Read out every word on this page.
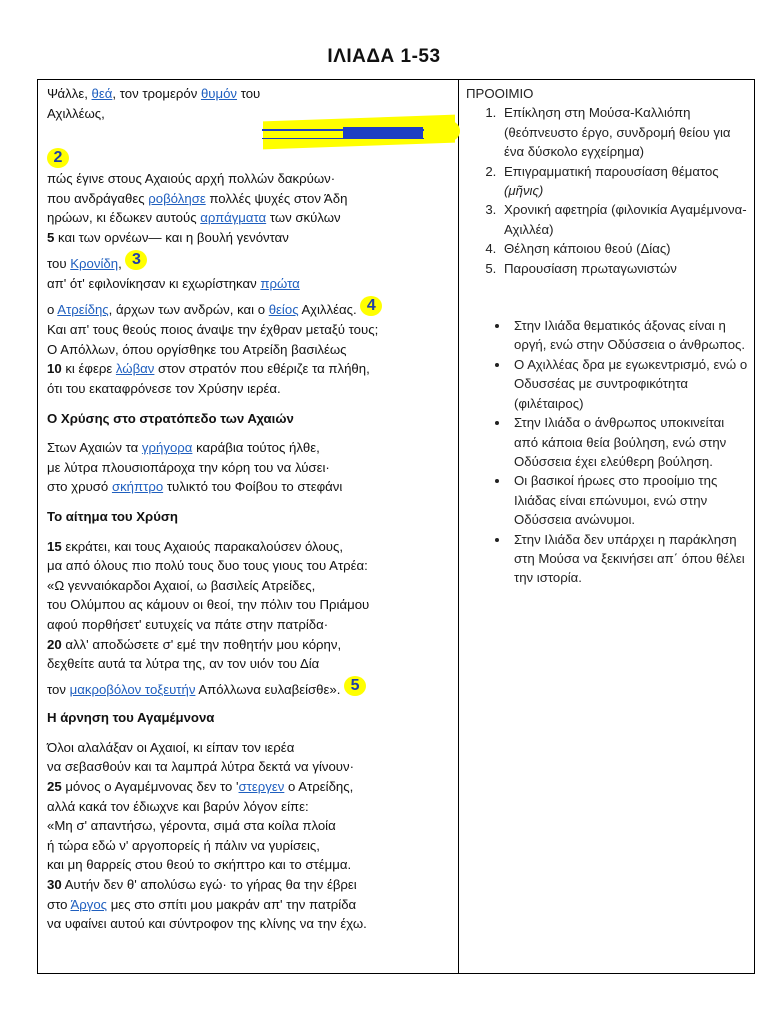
ΙΛΙΑΔΑ 1-53

Ψάλλε, θεά, τον τρομερόν θυμόν του

Αχιλλέως,

2

πώς έγινε στους Αχαιούς αρχή πολλών δακρύων·

που ανδράγαθες ροβόλησε πολλές ψυχές στον Άδη

ηρώων, κι έδωκεν αυτούς αρπάγματα των σκύλων

5 και των ορνέων— και η βουλή γενόνταν

του Κρονίδη, 3

απ' ότ' εφιλονίκησαν κι εχωρίστηκαν πρώτα

ο Ατρείδης, άρχων των ανδρών, και ο θείος Αχιλλέας. 4

Και απ' τους θεούς ποιος άναψε την έχθραν μεταξύ τους;

Ο Απόλλων, όπου οργίσθηκε του Ατρείδη βασιλέως

10 κι έφερε λώβαν στον στρατόν που εθέριζε τα πλήθη,

ότι του εκαταφρόνεσε τον Χρύσην ιερέα.

Ο Χρύσης στο στρατόπεδο των Αχαιών

Στων Αχαιών τα γρήγορα καράβια τούτος ήλθε,

με λύτρα πλουσιοπάροχα την κόρη του να λύσει·

στο χρυσό σκήπτρο τυλικτό του Φοίβου το στεφάνι

Το αίτημα του Χρύση

15 εκράτει, και τους Αχαιούς παρακαλούσεν όλους,

μα από όλους πιο πολύ τους δυο τους γιους του Ατρέα:

«Ω γενναιόκαρδοι Αχαιοί, ω βασιλείς Ατρείδες,

του Ολύμπου ας κάμουν οι θεοί, την πόλιν του Πριάμου

αφού πορθήσετ' ευτυχείς να πάτε στην πατρίδα·

20 αλλ' αποδώσετε σ' εμέ την ποθητήν μου κόρην,

δεχθείτε αυτά τα λύτρα της, αν τον υιόν του Δία

τον μακροβόλον τοξευτήν Απόλλωνα ευλαβείσθε». 5

Η άρνηση του Αγαμέμνονα

Όλοι αλαλάξαν οι Αχαιοί, κι είπαν τον ιερέα

να σεβασθούν και τα λαμπρά λύτρα δεκτά να γίνουν·

25 μόνος ο Αγαμέμνονας δεν το 'στεργεν ο Ατρείδης,

αλλά κακά τον έδιωχνε και βαρύν λόγον είπε:

«Μη σ' απαντήσω, γέροντα, σιμά στα κοίλα πλοία

ή τώρα εδώ ν' αργοπορείς ή πάλιν να γυρίσεις,

και μη θαρρείς στου θεού το σκήπτρο και το στέμμα.

30 Αυτήν δεν θ' απολύσω εγώ· το γήρας θα την έβρει

στο Άργος μες στο σπίτι μου μακράν απ' την πατρίδα

να υφαίνει αυτού και σύντροφον της κλίνης να την έχω.

ΠΡΟΟΙΜΙΟ

1. Επίκληση στη Μούσα-Καλλιόπη (θεόπνευστο έργο, συνδρομή θείου για ένα δύσκολο εγχείρημα)
2. Επιγραμματική παρουσίαση θέματος
(μῆνις)
3. Χρονική αφετηρία (φιλονικία Αγαμέμνονα-Αχιλλέα)
4. Θέληση κάποιου θεού (Δίας)
5. Παρουσίαση πρωταγωνιστών
• Στην Ιλιάδα θεματικός άξονας είναι η οργή, ενώ στην Οδύσσεια ο άνθρωπος.
• Ο Αχιλλέας δρα με εγωκεντρισμό, ενώ ο Οδυσσέας με συντροφικότητα (φιλέταιρος)
• Στην Ιλιάδα ο άνθρωπος υποκινείται από κάποια θεία βούληση, ενώ στην Οδύσσεια έχει ελεύθερη βούληση.
• Οι βασικοί ήρωες στο προοίμιο της Ιλιάδας είναι επώνυμοι, ενώ στην Οδύσσεια ανώνυμοι.
• Στην Ιλιάδα δεν υπάρχει η παράκληση στη Μούσα να ξεκινήσει απ΄ όπου θέλει την ιστορία.
